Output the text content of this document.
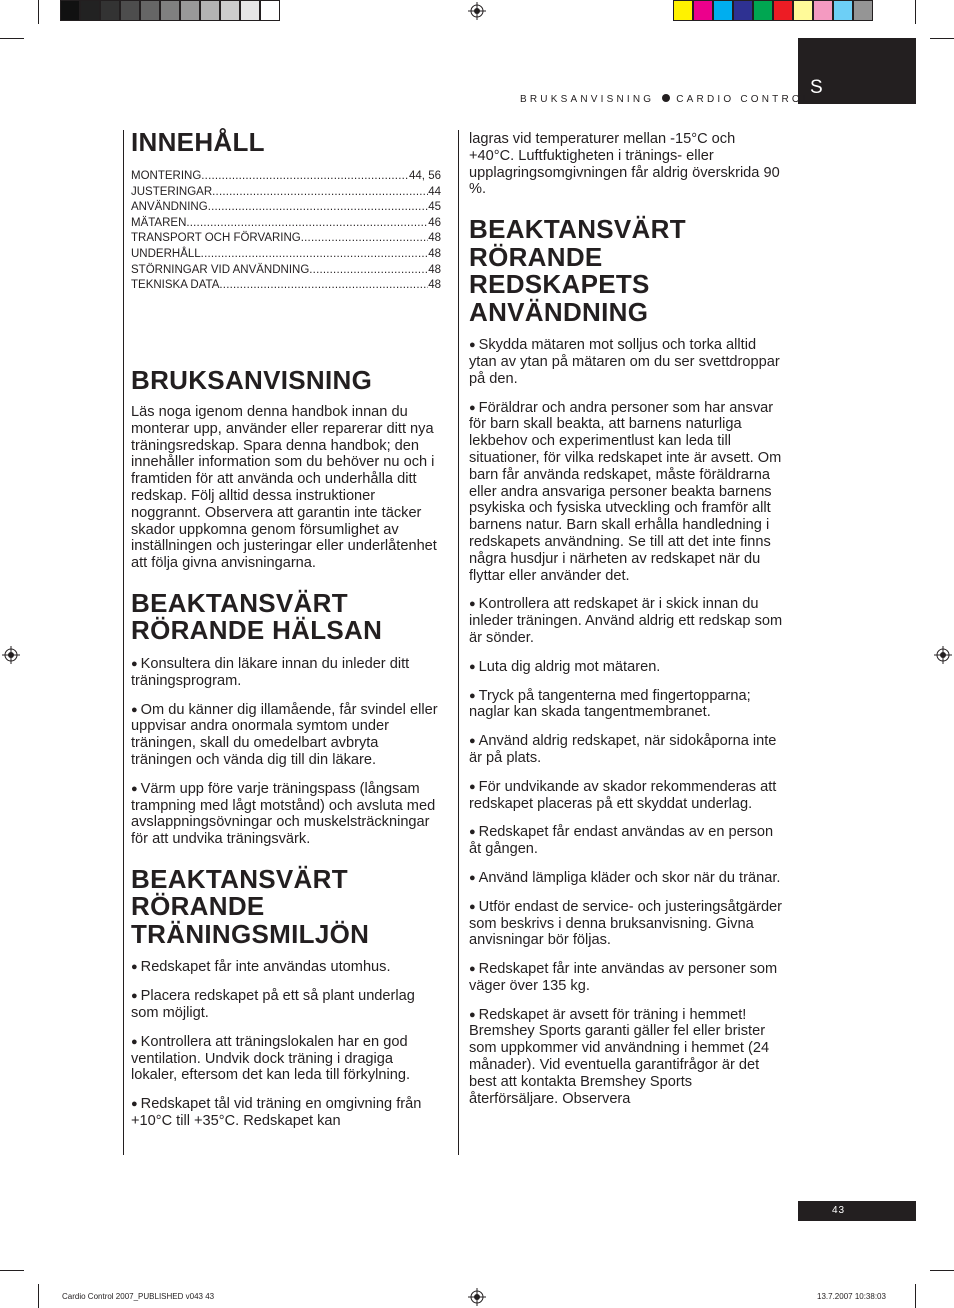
S
BRUKSANVISNING CARDIO CONTROL
INNEHÅLL
MONTERING .....	44, 56
JUSTERINGAR .....	44
ANVÄNDNING .....	45
MÄTAREN .....	46
TRANSPORT OCH FÖRVARING .....	48
UNDERHÅLL .....	48
STÖRNINGAR VID ANVÄNDNING .....	48
TEKNISKA DATA .....	48
BRUKSANVISNING

Läs noga igenom denna handbok innan du monterar upp, använder eller reparerar ditt nya träningsredskap. Spara denna handbok; den innehåller information som du behöver nu och i framtiden för att använda och underhålla ditt redskap. Följ alltid dessa instruktioner noggrannt. Observera att garantin inte täcker skador uppkomna genom försumlighet av inställningen och justeringar eller underlåtenhet att följa givna anvisningarna.

BEAKTANSVÄRT RÖRANDE HÄLSAN

● Konsultera din läkare innan du inleder ditt träningsprogram.

● Om du känner dig illamående, får svindel eller uppvisar andra onormala symtom under träningen, skall du omedelbart avbryta träningen och vända dig till din läkare.

● Värm upp före varje träningspass (långsam trampning med lågt motstånd) och avsluta med avslappningsövningar och muskelsträckningar för att undvika träningsvärk.

BEAKTANSVÄRT RÖRANDE TRÄNINGSMILJÖN

● Redskapet får inte användas utomhus.

● Placera redskapet på ett så plant underlag som möjligt.

● Kontrollera att träningslokalen har en god ventilation. Undvik dock träning i dragiga lokaler, eftersom det kan leda till förkylning.

● Redskapet tål vid träning en omgivning från +10°C till +35°C. Redskapet kan

lagras vid temperaturer mellan -15°C och +40°C. Luftfuktigheten i tränings- eller upplagringsomgivningen får aldrig överskrida 90 %.

BEAKTANSVÄRT RÖRANDE REDSKAPETS ANVÄNDNING

● Skydda mätaren mot solljus och torka alltid ytan av ytan på mätaren om du ser svettdroppar på den.

● Föräldrar och andra personer som har ansvar för barn skall beakta, att barnens naturliga lekbehov och experimentlust kan leda till situationer, för vilka redskapet inte är avsett. Om barn får använda redskapet, måste föräldrarna eller andra ansvariga personer beakta barnens psykiska och fysiska utveckling och framför allt barnens natur. Barn skall erhålla handledning i redskapets användning. Se till att det inte finns några husdjur i närheten av redskapet när du flyttar eller använder det.

● Kontrollera att redskapet är i skick innan du inleder träningen. Använd aldrig ett redskap som är sönder.

● Luta dig aldrig mot mätaren.

● Tryck på tangenterna med fingertopparna; naglar kan skada tangentmembranet.

● Använd aldrig redskapet, när sidokåporna inte är på plats.

● För undvikande av skador rekommenderas att redskapet placeras på ett skyddat underlag.

● Redskapet får endast användas av en person åt gången.

● Använd lämpliga kläder och skor när du tränar.

● Utför endast de service- och justeringsåtgärder som beskrivs i denna bruksanvisning. Givna anvisningar bör följas.

● Redskapet får inte användas av personer som väger över 135 kg.

● Redskapet är avsett för träning i hemmet! Bremshey Sports garanti gäller fel eller brister som uppkommer vid användning i hemmet (24 månader). Vid eventuella garantifrågor är det best att kontakta Bremshey Sports återförsäljare. Observera

43
Cardio Control 2007_PUBLISHED v043 43	13.7.2007 10:38:03
